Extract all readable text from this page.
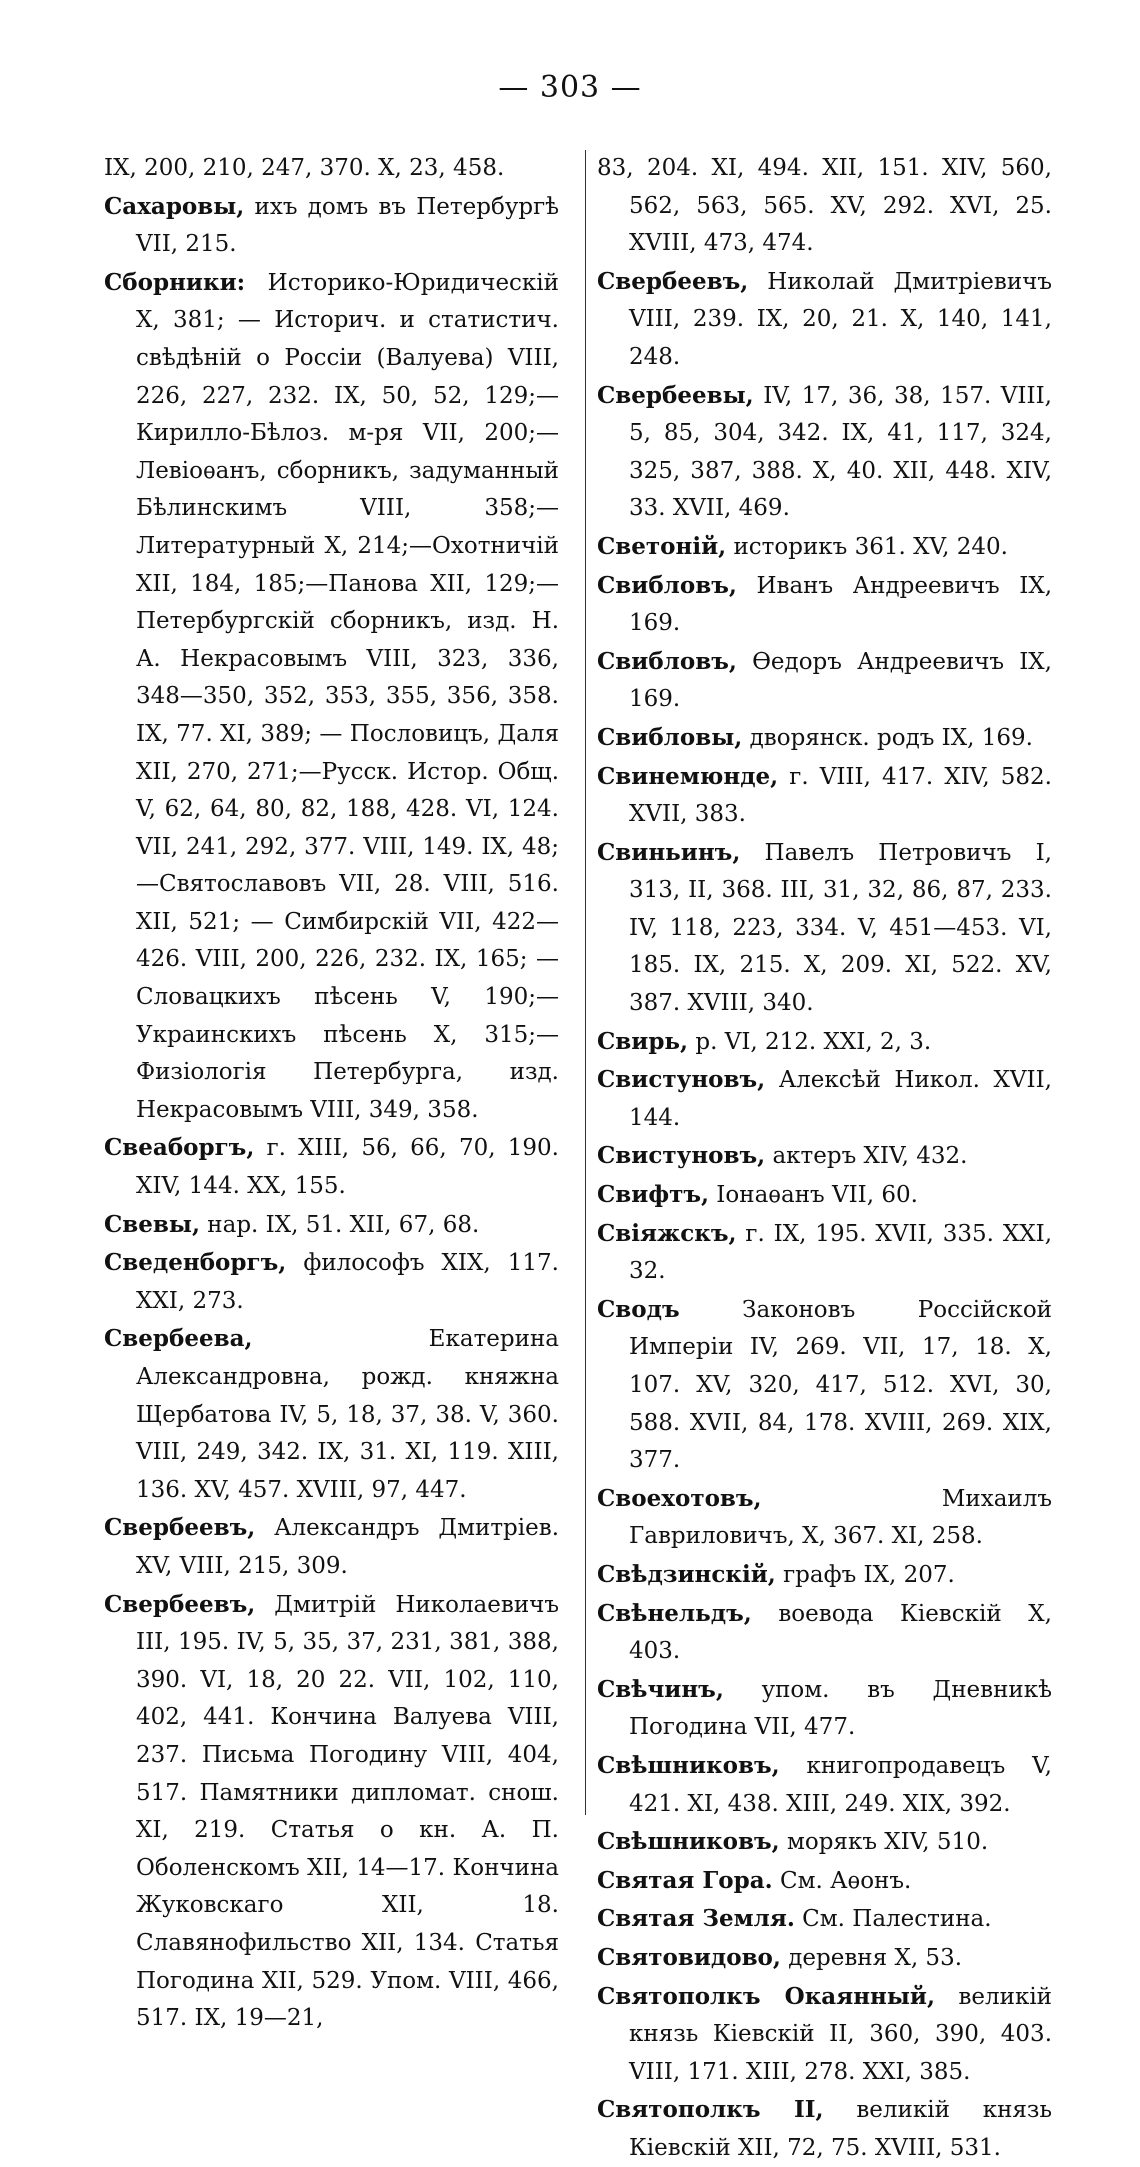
— 303 —
IX, 200, 210, 247, 370. X, 23, 458.
Сахаровы, ихъ домъ въ Петербургѣ VII, 215.
Сборники: Историко-Юридическій X, 381; — Историч. и статистич. свѣдѣній о Россіи (Валуева) VIII, 226, 227, 232. IX, 50, 52, 129;—Кирилло-Бѣлоз. м-ря VII, 200;—Левіоѳанъ, сборникъ, задуманный Бѣлинскимъ VIII, 358;—Литературный X, 214;—Охотничій XII, 184, 185;—Панова XII, 129;—Петербургскій сборникъ, изд. Н. А. Некрасовымъ VIII, 323, 336, 348—350, 352, 353, 355, 356, 358. IX, 77. XI, 389; — Пословицъ, Даля XII, 270, 271;—Русск. Истор. Общ. V, 62, 64, 80, 82, 188, 428. VI, 124. VII, 241, 292, 377. VIII, 149. IX, 48;—Святославовъ VII, 28. VIII, 516. XII, 521; — Симбирскій VII, 422—426. VIII, 200, 226, 232. IX, 165; — Словацкихъ пѣсень V, 190;—Украинскихъ пѣсень X, 315;—Физіологія Петербурга, изд. Некрасовымъ VIII, 349, 358.
Свеаборгъ, г. XIII, 56, 66, 70, 190. XIV, 144. XX, 155.
Свевы, нар. IX, 51. XII, 67, 68.
Сведенборгъ, философъ XIX, 117. XXI, 273.
Свербеева, Екатерина Александровна, рожд. княжна Щербатова IV, 5, 18, 37, 38. V, 360. VIII, 249, 342. IX, 31. XI, 119. XIII, 136. XV, 457. XVIII, 97, 447.
Свербеевъ, Александръ Дмитріев. XV, VIII, 215, 309.
Свербеевъ, Дмитрій Николаевичъ III, 195. IV, 5, 35, 37, 231, 381, 388, 390. VI, 18, 20 22. VII, 102, 110, 402, 441. Кончина Валуева VIII, 237. Письма Погодину VIII, 404, 517. Памятники дипломат. снош. XI, 219. Статья о кн. А. П. Оболенскомъ XII, 14—17. Кончина Жуковскаго XII, 18. Славянофильство XII, 134. Статья Погодина XII, 529. Упом. VIII, 466, 517. IX, 19—21,
83, 204. XI, 494. XII, 151. XIV, 560, 562, 563, 565. XV, 292. XVI, 25. XVIII, 473, 474.
Свербеевъ, Николай Дмитріевичъ VIII, 239. IX, 20, 21. X, 140, 141, 248.
Свербеевы, IV, 17, 36, 38, 157. VIII, 5, 85, 304, 342. IX, 41, 117, 324, 325, 387, 388. X, 40. XII, 448. XIV, 33. XVII, 469.
Светоній, историкъ 361. XV, 240.
Свибловъ, Иванъ Андреевичъ IX, 169.
Свибловъ, Ѳедоръ Андреевичъ IX, 169.
Свибловы, дворянск. родъ IX, 169.
Свинемюнде, г. VIII, 417. XIV, 582. XVII, 383.
Свиньинъ, Павелъ Петровичъ I, 313, II, 368. III, 31, 32, 86, 87, 233. IV, 118, 223, 334. V, 451—453. VI, 185. IX, 215. X, 209. XI, 522. XV, 387. XVIII, 340.
Свирь, р. VI, 212. XXI, 2, 3.
Свистуновъ, Алексѣй Никол. XVII, 144.
Свистуновъ, актеръ XIV, 432.
Свифтъ, Іонаѳанъ VII, 60.
Свіяжскъ, г. IX, 195. XVII, 335. XXI, 32.
Сводъ Законовъ Россійской Имперіи IV, 269. VII, 17, 18. X, 107. XV, 320, 417, 512. XVI, 30, 588. XVII, 84, 178. XVIII, 269. XIX, 377.
Своехотовъ, Михаилъ Гавриловичъ, X, 367. XI, 258.
Свѣдзинскій, графъ IX, 207.
Свѣнельдъ, воевода Кіевскій X, 403.
Свѣчинъ, упом. въ Дневникѣ Погодина VII, 477.
Свѣшниковъ, книгопродавецъ V, 421. XI, 438. XIII, 249. XIX, 392.
Свѣшниковъ, морякъ XIV, 510.
Святая Гора. См. Аѳонъ.
Святая Земля. См. Палестина.
Святовидово, деревня X, 53.
Святополкъ Окаянный, великій князь Кіевскій II, 360, 390, 403. VIII, 171. XIII, 278. XXI, 385.
Святополкъ II, великій князь Кіевскій XII, 72, 75. XVIII, 531.
